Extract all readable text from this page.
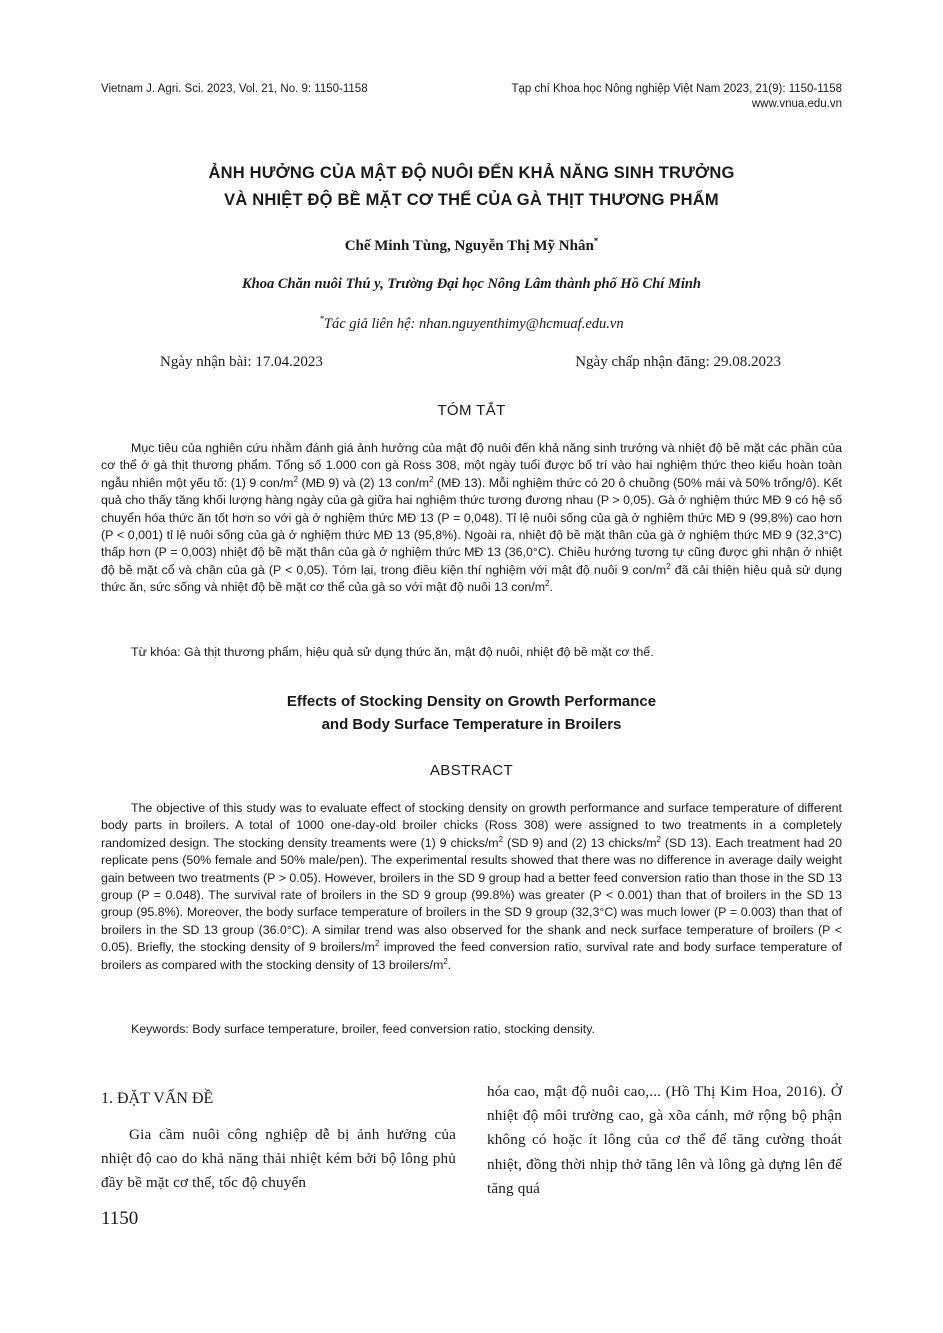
Vietnam J. Agri. Sci. 2023, Vol. 21, No. 9: 1150-1158	Tạp chí Khoa học Nông nghiệp Việt Nam 2023, 21(9): 1150-1158
www.vnua.edu.vn
ẢNH HƯỞNG CỦA MẬT ĐỘ NUÔI ĐẾN KHẢ NĂNG SINH TRƯỞNG
VÀ NHIỆT ĐỘ BỀ MẶT CƠ THỂ CỦA GÀ THỊT THƯƠNG PHẨM
Chế Minh Tùng, Nguyễn Thị Mỹ Nhân*
Khoa Chăn nuôi Thú y, Trường Đại học Nông Lâm thành phố Hồ Chí Minh
*Tác giả liên hệ: nhan.nguyenthimy@hcmuaf.edu.vn
Ngày nhận bài: 17.04.2023	Ngày chấp nhận đăng: 29.08.2023
TÓM TẮT

Mục tiêu của nghiên cứu nhằm đánh giá ảnh hưởng của mật độ nuôi đến khả năng sinh trưởng và nhiệt độ bề mặt các phần của cơ thể ở gà thịt thương phẩm. Tổng số 1.000 con gà Ross 308, một ngày tuổi được bố trí vào hai nghiệm thức theo kiểu hoàn toàn ngẫu nhiên một yếu tố: (1) 9 con/$m^2$ (MĐ 9) và (2) 13 con/$m^2$ (MĐ 13). Mỗi nghiệm thức có 20 ô chuồng (50% mái và 50% trống/ô). Kết quả cho thấy tăng khối lượng hàng ngày của gà giữa hai nghiệm thức tương đương nhau (P > 0,05). Gà ở nghiệm thức MĐ 9 có hệ số chuyển hóa thức ăn tốt hơn so với gà ở nghiệm thức MĐ 13 (P = 0,048). Tỉ lệ nuôi sống của gà ở nghiệm thức MĐ 9 (99,8%) cao hơn (P < 0,001) tỉ lệ nuôi sống của gà ở nghiệm thức MĐ 13 (95,8%). Ngoài ra, nhiệt độ bề mặt thân của gà ở nghiệm thức MĐ 9 (32,3°C) thấp hơn (P = 0,003) nhiệt độ bề mặt thân của gà ở nghiệm thức MĐ 13 (36,0°C). Chiều hướng tương tự cũng được ghi nhận ở nhiệt độ bề mặt cổ và chân của gà (P < 0,05). Tóm lại, trong điều kiện thí nghiệm với mật độ nuôi 9 con/$m^2$ đã cải thiện hiệu quả sử dụng thức ăn, sức sống và nhiệt độ bề mặt cơ thể của gà so với mật độ nuôi 13 con/$m^2$.

Từ khóa: Gà thịt thương phẩm, hiệu quả sử dụng thức ăn, mật độ nuôi, nhiệt độ bề mặt cơ thể.
Effects of Stocking Density on Growth Performance
and Body Surface Temperature in Broilers
ABSTRACT

The objective of this study was to evaluate effect of stocking density on growth performance and surface temperature of different body parts in broilers. A total of 1000 one-day-old broiler chicks (Ross 308) were assigned to two treatments in a completely randomized design. The stocking density treaments were (1) 9 chicks/$m^2$ (SD 9) and (2) 13 chicks/$m^2$ (SD 13). Each treatment had 20 replicate pens (50% female and 50% male/pen). The experimental results showed that there was no difference in average daily weight gain between two treatments (P > 0.05). However, broilers in the SD 9 group had a better feed conversion ratio than those in the SD 13 group (P = 0.048). The survival rate of broilers in the SD 9 group (99.8%) was greater (P < 0.001) than that of broilers in the SD 13 group (95.8%). Moreover, the body surface temperature of broilers in the SD 9 group (32,3°C) was much lower (P = 0.003) than that of broilers in the SD 13 group (36.0°C). A similar trend was also observed for the shank and neck surface temperature of broilers (P < 0.05). Briefly, the stocking density of 9 broilers/$m^2$ improved the feed conversion ratio, survival rate and body surface temperature of broilers as compared with the stocking density of 13 broilers/$m^2$.

Keywords: Body surface temperature, broiler, feed conversion ratio, stocking density.
1. ĐẶT VẤN ĐỀ

Gia cầm nuôi công nghiệp dễ bị ảnh hưởng của nhiệt độ cao do khả năng thải nhiệt kém bởi bộ lông phủ đầy bề mặt cơ thể, tốc độ chuyển

hóa cao, mật độ nuôi cao,... (Hồ Thị Kim Hoa, 2016). Ở nhiệt độ môi trường cao, gà xõa cánh, mở rộng bộ phận không có hoặc ít lông của cơ thể để tăng cường thoát nhiệt, đồng thời nhịp thở tăng lên và lông gà dựng lên để tăng quá

1150
